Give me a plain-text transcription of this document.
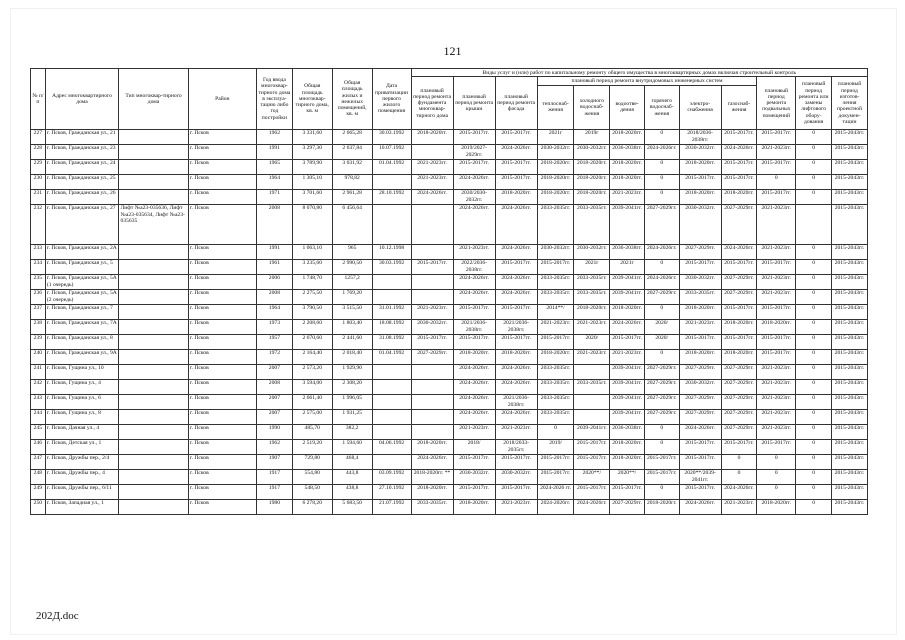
121
№ п/п	Адрес многоквартирного дома	Тип многоквар-тирного дома	Район	Год ввода многоквар-тирного дома в эксплуа-тацию либо год постройки	Общая площадь многоквар-тирного дома, кв. м	Общая площадь жилых и нежилых помещений, кв. м	Дата приватизации первого жилого помещения	Виды услуг и (или) работ по капитальному ремонту общего имущества в многоквартирных домах включая строительный контроль											
								плановый период ремонта фундамента многоквар-тирного дома	плановый период ремонта крыши	плановый период ремонта фасада	плановый период ремонта внутридомовых инженерных систем						плановый период ремонта подвальных помещений	плановый период ремонта или замены лифтового обору-дования	плановый период изготов-ления проектной докумен-тации
											теплоснаб-жения	холодного водоснаб-жения	водоотве-дения	горячего водоснаб-жения	электро-снабжения	газоснаб-жения			
227	г. Псков, Гражданская ул., 21		г. Псков	1962	3 331,60	2 665,28	30.03.1992	2018-2020гг.	2015-2017гг.	2015-2017гг.	2021г	2019г	2018-2020гг.	0	2018/2036-2038гг.	2015-2017гг.	2015-2017гг.	0	2015-2043гг.
228	г. Псков, Гражданская ул., 23		г. Псков	1991	3 297,30	2 637,84	10.07.1992		2019/2027-2029гг.	2024-2026гг.	2030-2032гг.	2030-2032гг.	2036-2038гг.	2024-2026гг.	2030-2032гг.	2024-2026гг.	2021-2023гг.	0	2015-2043гг.
229	г. Псков, Гражданская ул., 24		г. Псков	1965	3 789,90	3 031,92	01.04.1992	2021-2023гг.	2015-2017гг.	2015-2017гг.	2018-2020гг.	2018-2020гг.	2018-2020гг.	0	2018-2020гг.	2015-2017гг.	2015-2017гг.	0	2015-2043гг.
230	г. Псков, Гражданская ул., 25		г. Псков	1964	1 305,10	978,82		2021-2023гг.	2024-2026гг.	2015-2017гг.	2018-2020гг.	2018-2020гг.	2018-2020гг.	0	2015-2017гг.	2015-2017гг.	0	0	2015-2043гг.
231	г. Псков, Гражданская ул., 26		г. Псков	1971	3 701,60	2 961,28	28.10.1992	2024-2026гг.	2030/2030-2032гг.	2018-2020гг.	2018-2020гг.	2018-2020гг.	2021-2023гг.	0	2018-2020гг.	2018-2020гг.	2015-2017гг.	0	2015-2043гг.
232	г. Псков, Гражданская ул., 27	Лифт №а23-035636, Лифт №а23-035634, Лифт №а23-035635	г. Псков	2008	8 070,80	6 456,64			2024-2026гг.	2024-2026гг.	2033-2035гг.	2033-2035гг.	2039-2041гг.	2027-2029гг.	2030-2032гг.	2027-2029гг.	2021-2023гг.		2015-2043гг.
233	г. Псков, Гражданская ул., 2А		г. Псков	1991	1 063,10	965	10.12.1998		2021-2023гг.	2024-2026гг.	2030-2032гг.	2030-2032гг.	2036-2038гг.	2024-2026гг.	2027-2029гг.	2024-2026гг.	2021-2023гг.	0	2015-2043гг.
234	г. Псков, Гражданская ул., 5		г. Псков	1961	3 235,60	2 990,50	30.03.1992	2015-2017гг.	2022/2036-2038гг.	2015-2017гг.	2015-2017гг.	2021г	2021г	0	2015-2017гг.	2015-2017гг.	2015-2017гг.	0	2015-2043гг.
235	г. Псков, Гражданская ул., 5А (1 очередь)		г. Псков	2006	1 748,70	1257,2			2024-2026гг.	2024-2026гг.	2033-2035гг.	2033-2035гг.	2039-2041гг.	2024-2026гг.	2030-2032гг.	2027-2029гг.	2021-2023гг.	0	2015-2043гг.
236	г. Псков, Гражданская ул., 5А (2 очередь)		г. Псков	2008	2 275,50	1 769,20			2024-2026гг.	2024-2026гг.	2033-2035гг.	2033-2035гг.	2039-2041гг.	2027-2029гг.	2033-2035гг.	2027-2029гг.	2021-2023гг.	0	2015-2043гг.
237	г. Псков, Гражданская ул., 7		г. Псков	1964	3 790,50	3 515,50	31.01.1992	2021-2023гг.	2015-2017гг.	2015-2017гг.	2014**/	2018-2020гг.	2018-2020гг.	0	2018-2020гг.	2015-2017гг.	2015-2017гг.	0	2015-2043гг.
238	г. Псков, Гражданская ул., 7А		г. Псков	1973	2 208,60	1 803,40	18.08.1992	2030-2032гг.	2021/2036-2038гг.	2021/2036-2038гг.	2021-2023гг.	2021-2023гг.	2024-2026гг.	2020/	2021-2023гг.	2018-2020гг.	2018-2020гг.	0	2015-2043гг.
239	г. Псков, Гражданская ул., 8		г. Псков	1957	2 670,60	2 441,60	31.08.1992	2015-2017гг.	2015-2017гг.	2015-2017гг.	2015-2017гг.	2020/	2015-2017гг.	2020/	2015-2017гг.	2015-2017гг.	2015-2017гг.	0	2015-2043гг.
240	г. Псков, Гражданская ул., 9А		г. Псков	1972	2 164,40	2 018,40	01.04.1992	2027-2029гг.	2018-2020гг.	2018-2020гг.	2018-2020гг.	2021-2023гг.	2021-2023гг.	0	2018-2020гг.	2018-2020гг.	2015-2017гг.	0	2015-2043гг.
241	г. Псков, Гущина ул., 10		г. Псков	2007	2 573,20	1 929,90			2024-2026гг.	2024-2026гг.	2033-2035гг.		2039-2041гг.	2027-2029гг.	2027-2029гг.	2027-2029гг.	2021-2023гг.	0	2015-2043гг.
242	г. Псков, Гущина ул., 4		г. Псков	2008	3 594,00	2 308,20			2024-2026гг.	2024-2026гг.	2033-2035гг.	2033-2035гг.	2039-2041гг.	2027-2029гг.	2030-2032гг.	2027-2029гг.	2021-2023гг.	0	2015-2043гг.
243	г. Псков, Гущина ул., 6		г. Псков	2007	2 661,40	1 996,05			2024-2026гг.	2021/2036-2038гг.	2033-2035гг.		2039-2041гг.	2027-2029гг.	2027-2029гг.	2027-2029гг.	2021-2023гг.	0	2015-2043гг.
244	г. Псков, Гущина ул., 8		г. Псков	2007	2 575,00	1 931,25			2024-2026гг.	2024-2026гг.	2033-2035гг.		2039-2041гг.	2027-2029гг.	2027-2029гг.	2027-2029гг.	2021-2023гг.	0	2015-2043гг.
245	г. Псков, Дачная ул., 4		г. Псков	1990	485,70	382,2			2021-2023гг.	2021-2023гг.	0	2039-2041гг.	2036-2038гг.	0	2024-2026гг.	2027-2029гг.	2021-2023гг.	0	2015-2043гг.
246	г. Псков, Детская ул., 1		г. Псков	1962	2 519,20	1 594,60	04.06.1992	2018-2020гг.	2018/	2018/2033-2035гг.	2019/	2015-2017гг.	2018-2020гг.	0	2015-2017гг.	2015-2017гг.	2015-2017гг.	0	2015-2043гг.
247	г. Псков, Дружбы пер., 2/4		г. Псков	1907	729,80	468,4		2024-2026гг.	2015-2017гг.	2015-2017гг.	2015-2017гг.	2015-2017гг.	2018-2020гг.	2015-2017гг.	2015-2017гг.	0	0	0	2015-2043гг.
248	г. Псков, Дружбы пер., 4		г. Псков	1917	554,80	443,8	03.09.1992	2018-2020гг. **	2030-2032гг.	2030-2032гг.	2015-2017гг.	2020**/	2020**/	2015-2017гг.	2020**/2039-2041гг.	0	0	0	2015-2043гг.
249	г. Псков, Дружбы пер., 6/11		г. Псков	1917	548,50	438,8	27.10.1992	2018-2020гг.	2015-2017гг.	2015-2017гг.	2024-2026 гг.	2015-2017гг.	2015-2017гг.	0	2015-2017гг.	2024-2026гг.	0	0	2015-2043гг.
250	г. Псков, Западная ул., 1		г. Псков	1980	6 278,20	5 683,50	21.07.1992	2033-2035гг.	2018-2020гг.	2021-2023гг.	2024-2026гг.	2024-2026гг.	2027-2029гг.	2018-2020гг.	2024-2026гг.	2021-2023гг.	2018-2020гг.	0	2015-2043гг.
202Д.doc
